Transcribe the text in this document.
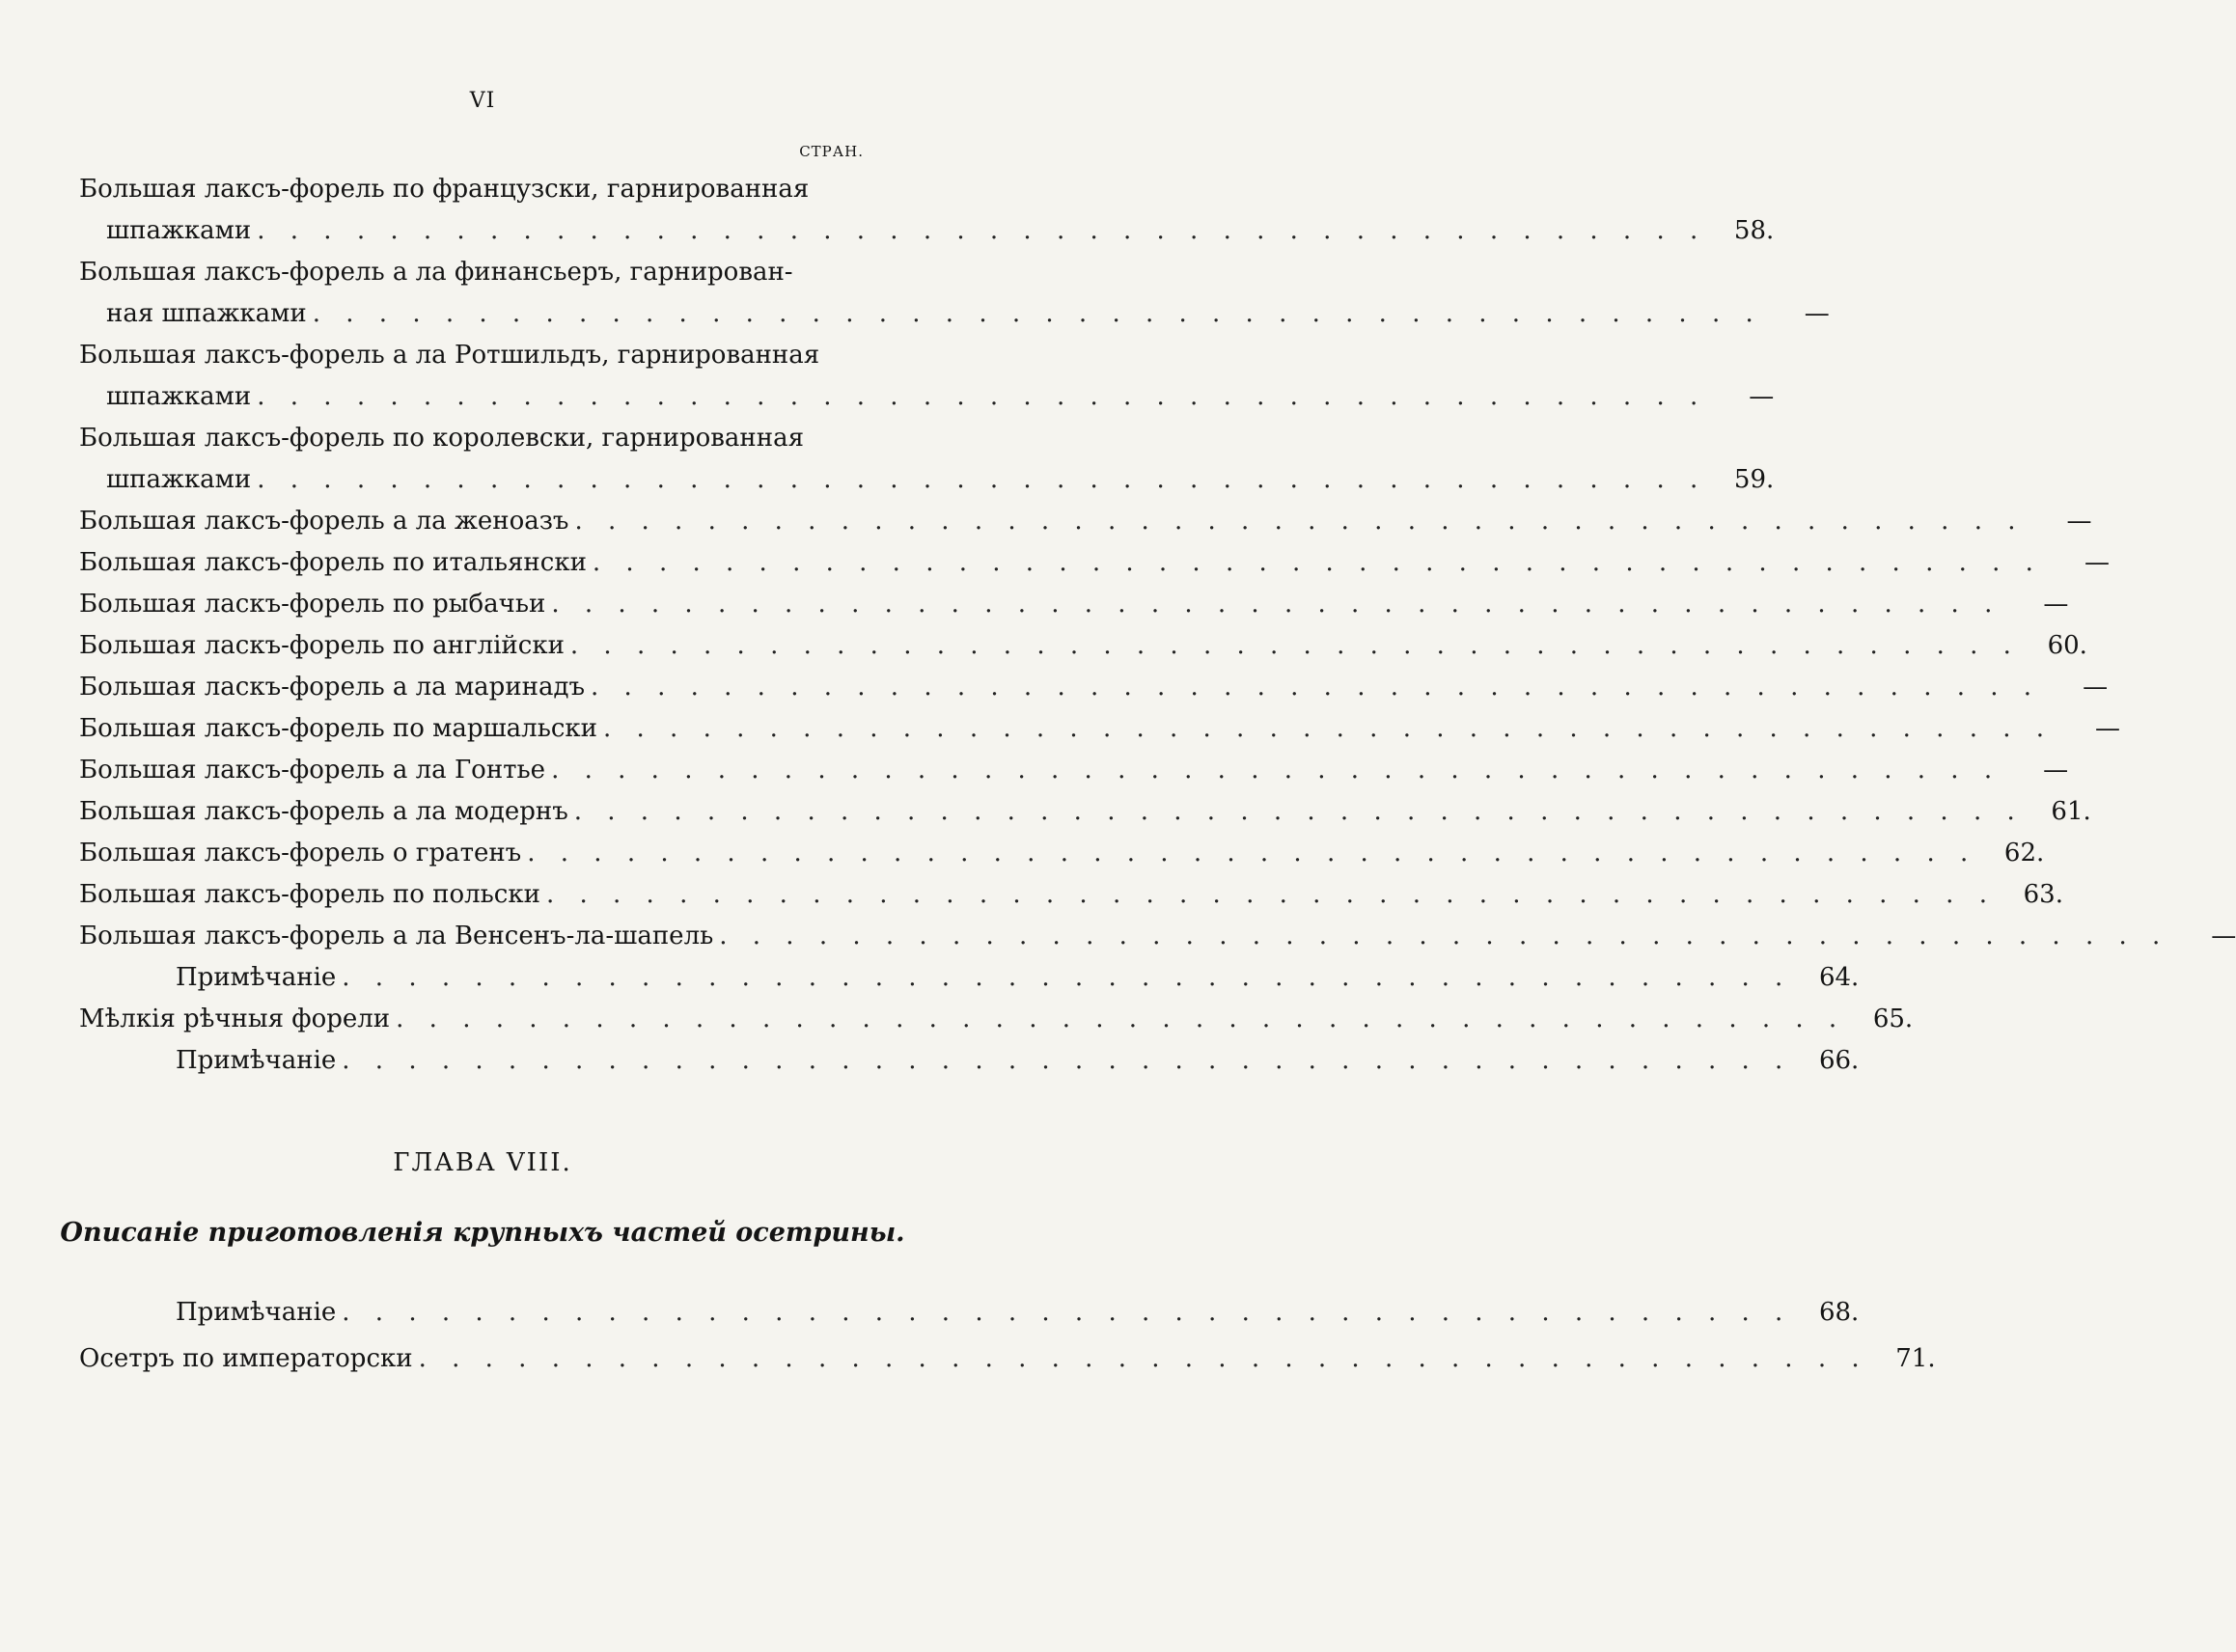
VI
СТРАН.
Большая лаксъ-форель по французски, гарнированная
шпажками . . . . . . . . . . . . . . . . . . . . . . . . . . . . . . . . . . . . . . . . . . . .	58.
Большая лаксъ-форель а ла финансьеръ, гарнирован-
ная шпажками . . . . . . . . . . . . . . . . . . . . . . . . . . . . . . . . . . . . . . . . . . . .	—
Большая лаксъ-форель а ла Ротшильдъ, гарнированная
шпажками . . . . . . . . . . . . . . . . . . . . . . . . . . . . . . . . . . . . . . . . . . . .	—
Большая лаксъ-форель по королевски, гарнированная
шпажками . . . . . . . . . . . . . . . . . . . . . . . . . . . . . . . . . . . . . . . . . . . .	59.
Большая лаксъ-форель а ла женоазъ . . . . . . . . . . . . . . . . . . . . . . . . . . . . . . . . . . . . . . . . . . . .	—
Большая лаксъ-форель по итальянски . . . . . . . . . . . . . . . . . . . . . . . . . . . . . . . . . . . . . . . . . . . .	—
Большая ласкъ-форель по рыбачьи . . . . . . . . . . . . . . . . . . . . . . . . . . . . . . . . . . . . . . . . . . . .	—
Большая ласкъ-форель по англійски . . . . . . . . . . . . . . . . . . . . . . . . . . . . . . . . . . . . . . . . . . . .	60.
Большая ласкъ-форель а ла маринадъ . . . . . . . . . . . . . . . . . . . . . . . . . . . . . . . . . . . . . . . . . . . .	—
Большая лаксъ-форель по маршальски . . . . . . . . . . . . . . . . . . . . . . . . . . . . . . . . . . . . . . . . . . . .	—
Большая лаксъ-форель а ла Гонтье . . . . . . . . . . . . . . . . . . . . . . . . . . . . . . . . . . . . . . . . . . . .	—
Большая лаксъ-форель а ла модернъ . . . . . . . . . . . . . . . . . . . . . . . . . . . . . . . . . . . . . . . . . . . .	61.
Большая лаксъ-форель о гратенъ . . . . . . . . . . . . . . . . . . . . . . . . . . . . . . . . . . . . . . . . . . . .	62.
Большая лаксъ-форель по польски . . . . . . . . . . . . . . . . . . . . . . . . . . . . . . . . . . . . . . . . . . . .	63.
Большая лаксъ-форель а ла Венсенъ-ла-шапель . . . . . . . . . . . . . . . . . . . . . . . . . . . . . . . . . . . . . . . . . . . .	—
Примѣчаніе . . . . . . . . . . . . . . . . . . . . . . . . . . . . . . . . . . . . . . . . . . . .	64.
Мѣлкія рѣчныя форели . . . . . . . . . . . . . . . . . . . . . . . . . . . . . . . . . . . . . . . . . . . .	65.
Примѣчаніе . . . . . . . . . . . . . . . . . . . . . . . . . . . . . . . . . . . . . . . . . . . .	66.
ГЛАВА VIII.
Описаніе приготовленія крупныхъ частей осетрины.
Примѣчаніе . . . . . . . . . . . . . . . . . . . . . . . . . . . . . . . . . . . . . . . . . . . .	68.
Осетръ по императорски . . . . . . . . . . . . . . . . . . . . . . . . . . . . . . . . . . . . . . . . . . . .	71.
